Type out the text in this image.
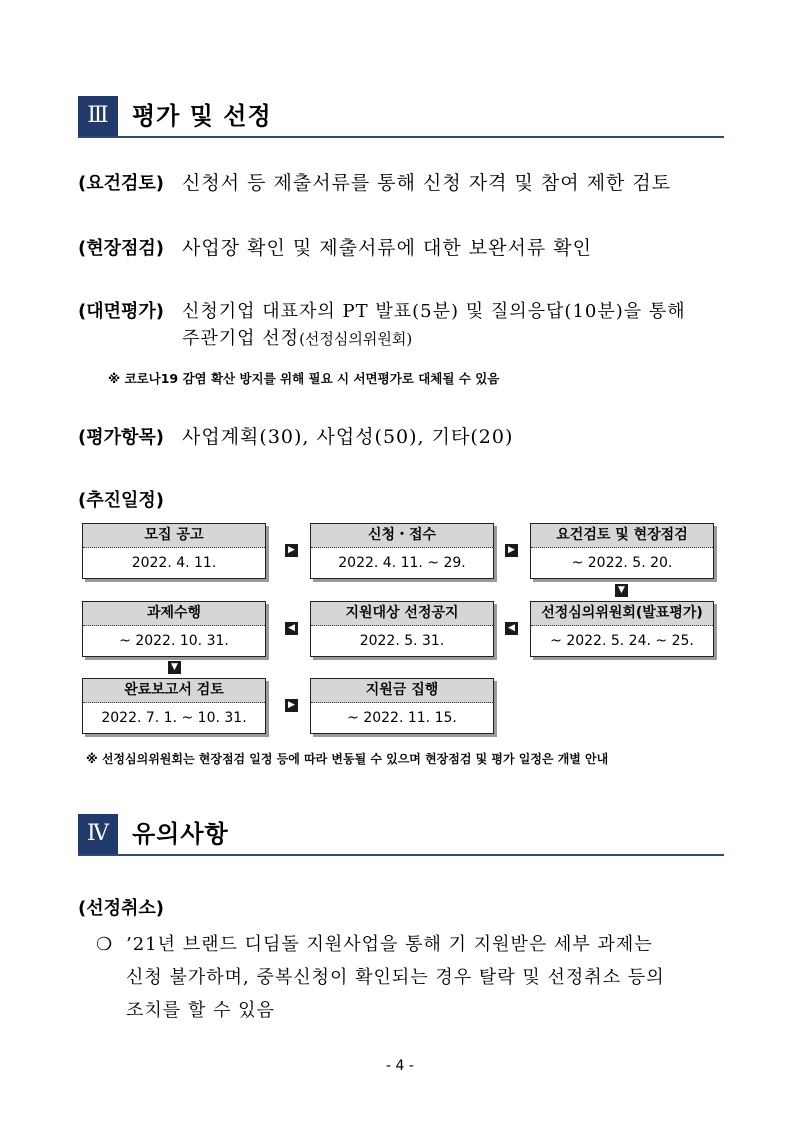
Ⅲ 평가 및 선정
(요건검토) 신청서 등 제출서류를 통해 신청 자격 및 참여 제한 검토
(현장점검) 사업장 확인 및 제출서류에 대한 보완서류 확인
(대면평가) 신청기업 대표자의 PT 발표(5분) 및 질의응답(10분)을 통해
주관기업 선정(선정심의위원회)
※ 코로나19 감염 확산 방지를 위해 필요 시 서면평가로 대체될 수 있음
(평가항목) 사업계획(30), 사업성(50), 기타(20)
(추진일정)
모집 공고
2022. 4. 11.
▶
신청・접수
2022. 4. 11. ~ 29.
▶
요건검토 및 현장점검
~ 2022. 5. 20.
▼
과제수행
~ 2022. 10. 31.
◀
지원대상 선정공지
2022. 5. 31.
◀
선정심의위원회(발표평가)
~ 2022. 5. 24. ~ 25.
▼
완료보고서 검토
2022. 7. 1. ~ 10. 31.
▶
지원금 집행
~ 2022. 11. 15.
※ 선정심의위원회는 현장점검 일정 등에 따라 변동될 수 있으며 현장점검 및 평가 일정은 개별 안내
Ⅳ 유의사항
(선정취소)
❍ ’21년 브랜드 디딤돌 지원사업을 통해 기 지원받은 세부 과제는
신청 불가하며, 중복신청이 확인되는 경우 탈락 및 선정취소 등의
조치를 할 수 있음
- 4 -
